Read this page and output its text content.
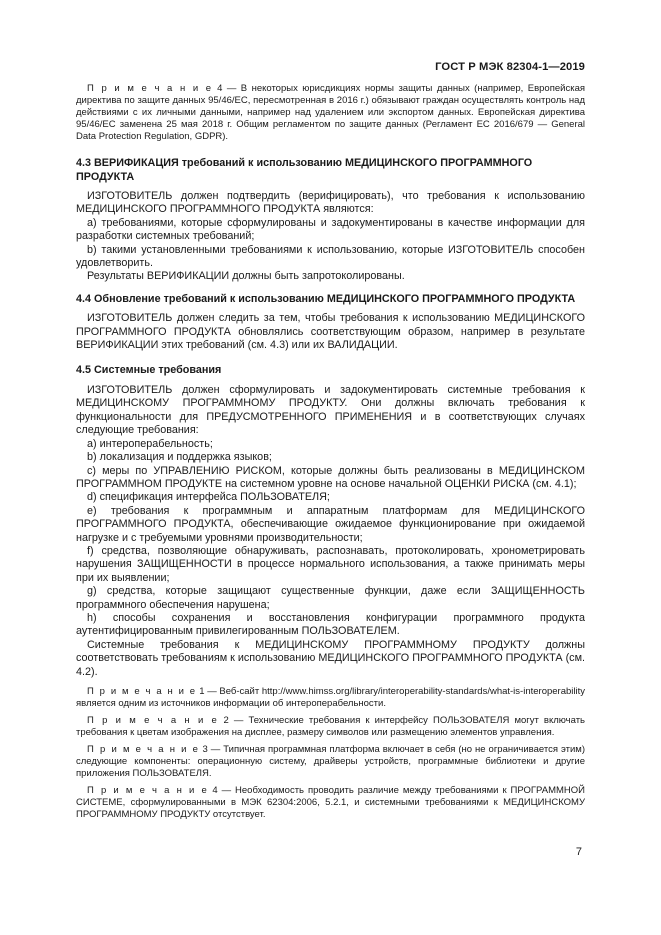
ГОСТ Р МЭК 82304-1—2019

П р и м е ч а н и е 4 — В некоторых юрисдикциях нормы защиты данных (например, Европейская директива по защите данных 95/46/ЕС, пересмотренная в 2016 г.) обязывают граждан осуществлять контроль над действиями с их личными данными, например над удалением или экспортом данных. Европейская директива 95/46/ЕС заменена 25 мая 2018 г. Общим регламентом по защите данных (Регламент ЕС 2016/679 — General Data Protection Regulation, GDPR).

4.3 ВЕРИФИКАЦИЯ требований к использованию МЕДИЦИНСКОГО ПРОГРАММНОГО ПРОДУКТА

ИЗГОТОВИТЕЛЬ должен подтвердить (верифицировать), что требования к использованию МЕДИЦИНСКОГО ПРОГРАММНОГО ПРОДУКТА являются:

a) требованиями, которые сформулированы и задокументированы в качестве информации для разработки системных требований;

b) такими установленными требованиями к использованию, которые ИЗГОТОВИТЕЛЬ способен удовлетворить.

Результаты ВЕРИФИКАЦИИ должны быть запротоколированы.

4.4 Обновление требований к использованию МЕДИЦИНСКОГО ПРОГРАММНОГО ПРОДУКТА

ИЗГОТОВИТЕЛЬ должен следить за тем, чтобы требования к использованию МЕДИЦИНСКОГО ПРОГРАММНОГО ПРОДУКТА обновлялись соответствующим образом, например в результате ВЕРИФИКАЦИИ этих требований (см. 4.3) или их ВАЛИДАЦИИ.

4.5 Системные требования

ИЗГОТОВИТЕЛЬ должен сформулировать и задокументировать системные требования к МЕДИЦИНСКОМУ ПРОГРАММНОМУ ПРОДУКТУ. Они должны включать требования к функциональности для ПРЕДУСМОТРЕННОГО ПРИМЕНЕНИЯ и в соответствующих случаях следующие требования:

a) интероперабельность;

b) локализация и поддержка языков;

c) меры по УПРАВЛЕНИЮ РИСКОМ, которые должны быть реализованы в МЕДИЦИНСКОМ ПРОГРАММНОМ ПРОДУКТЕ на системном уровне на основе начальной ОЦЕНКИ РИСКА (см. 4.1);

d) спецификация интерфейса ПОЛЬЗОВАТЕЛЯ;

e) требования к программным и аппаратным платформам для МЕДИЦИНСКОГО ПРОГРАММНОГО ПРОДУКТА, обеспечивающие ожидаемое функционирование при ожидаемой нагрузке и с требуемыми уровнями производительности;

f) средства, позволяющие обнаруживать, распознавать, протоколировать, хронометрировать нарушения ЗАЩИЩЕННОСТИ в процессе нормального использования, а также принимать меры при их выявлении;

g) средства, которые защищают существенные функции, даже если ЗАЩИЩЕННОСТЬ программного обеспечения нарушена;

h) способы сохранения и восстановления конфигурации программного продукта аутентифицированным привилегированным ПОЛЬЗОВАТЕЛЕМ.

Системные требования к МЕДИЦИНСКОМУ ПРОГРАММНОМУ ПРОДУКТУ должны соответствовать требованиям к использованию МЕДИЦИНСКОГО ПРОГРАММНОГО ПРОДУКТА (см. 4.2).

П р и м е ч а н и е 1 — Веб-сайт http://www.himss.org/library/interoperability-standards/what-is-interoperability является одним из источников информации об интероперабельности.

П р и м е ч а н и е 2 — Технические требования к интерфейсу ПОЛЬЗОВАТЕЛЯ могут включать требования к цветам изображения на дисплее, размеру символов или размещению элементов управления.

П р и м е ч а н и е 3 — Типичная программная платформа включает в себя (но не ограничивается этим) следующие компоненты: операционную систему, драйверы устройств, программные библиотеки и другие приложения ПОЛЬЗОВАТЕЛЯ.

П р и м е ч а н и е 4 — Необходимость проводить различие между требованиями к ПРОГРАММНОЙ СИСТЕМЕ, сформулированными в МЭК 62304:2006, 5.2.1, и системными требованиями к МЕДИЦИНСКОМУ ПРОГРАММНОМУ ПРОДУКТУ отсутствует.

7
